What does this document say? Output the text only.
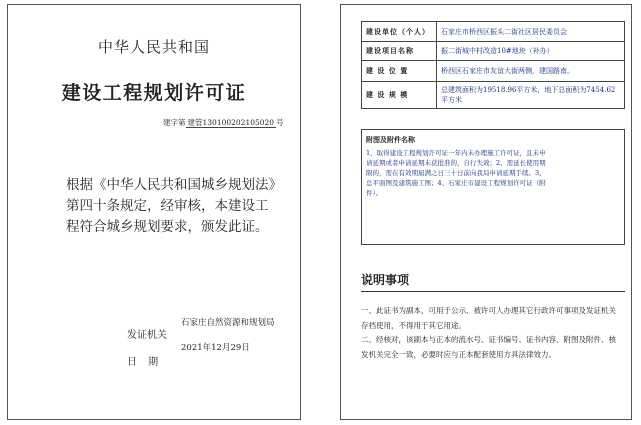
中华人民共和国
建设工程规划许可证
建字第 建管130100202105020 号
根据《中华人民共和国城乡规划法》第四十条规定，经审核，本建设工程符合城乡规划要求，颁发此证。
石家庄自然资源和规划局
发证机关
2021年12月29日
日 期
建设单位（个人）	石家庄市桥西区振头二街社区居民委员会
建设项目名称	振二街城中村改造10#地块（补办）
建 设 位 置	桥西区石家庄市友谊大街两侧，建国路南。
建 设 规 模	总建筑面积为19518.96平方米，地下总面积为7454.62平方米
附图及附件名称
1、取得建设工程规划许可证一年内未办理施工许可证，且未申请延期或者申请延期未获批准的，自行失效；2、需延长使用期限的，需在有效期届满之日三十日前向我局申请延期手续。3、总平面图及建筑施工图；4、石家庄市建设工程规划许可证（附件）。
说明事项
一、此证书为副本，可用于公示、被许可人办理其它行政许可事项及发证机关存档使用，不得用于其它用途。
二、经核对，该副本与正本的流水号、证书编号、证书内容、附图及附件、核发机关完全一致，必要时应与正本配套使用方具法律效力。
